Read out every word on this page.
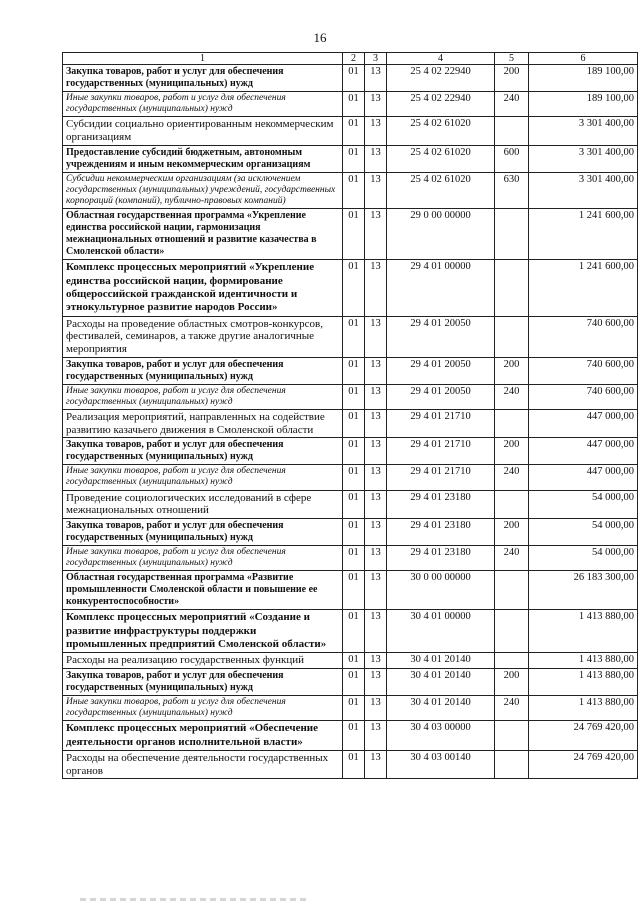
16
1	2	3	4	5	6
Закупка товаров, работ и услуг для обеспечения государственных (муниципальных) нужд	01	13	25 4 02 22940	200	189 100,00
Иные закупки товаров, работ и услуг для обеспечения государственных (муниципальных) нужд	01	13	25 4 02 22940	240	189 100,00
Субсидии социально ориентированным некоммерческим организациям	01	13	25 4 02 61020		3 301 400,00
Предоставление субсидий бюджетным, автономным учреждениям и иным некоммерческим организациям	01	13	25 4 02 61020	600	3 301 400,00
Субсидии некоммерческим организациям (за исключением государственных (муниципальных) учреждений, государственных корпораций (компаний), публично-правовых компаний)	01	13	25 4 02 61020	630	3 301 400,00
Областная государственная программа «Укрепление единства российской нации, гармонизация межнациональных отношений и развитие казачества в Смоленской области»	01	13	29 0 00 00000		1 241 600,00
Комплекс процессных мероприятий «Укрепление единства российской нации, формирование общероссийской гражданской идентичности и этнокультурное развитие народов России»	01	13	29 4 01 00000		1 241 600,00
Расходы на проведение областных смотров-конкурсов, фестивалей, семинаров, а также другие аналогичные мероприятия	01	13	29 4 01 20050		740 600,00
Закупка товаров, работ и услуг для обеспечения государственных (муниципальных) нужд	01	13	29 4 01 20050	200	740 600,00
Иные закупки товаров, работ и услуг для обеспечения государственных (муниципальных) нужд	01	13	29 4 01 20050	240	740 600,00
Реализация мероприятий, направленных на содействие развитию казачьего движения в Смоленской области	01	13	29 4 01 21710		447 000,00
Закупка товаров, работ и услуг для обеспечения государственных (муниципальных) нужд	01	13	29 4 01 21710	200	447 000,00
Иные закупки товаров, работ и услуг для обеспечения государственных (муниципальных) нужд	01	13	29 4 01 21710	240	447 000,00
Проведение социологических исследований в сфере межнациональных отношений	01	13	29 4 01 23180		54 000,00
Закупка товаров, работ и услуг для обеспечения государственных (муниципальных) нужд	01	13	29 4 01 23180	200	54 000,00
Иные закупки товаров, работ и услуг для обеспечения государственных (муниципальных) нужд	01	13	29 4 01 23180	240	54 000,00
Областная государственная программа «Развитие промышленности Смоленской области и повышение ее конкурентоспособности»	01	13	30 0 00 00000		26 183 300,00
Комплекс процессных мероприятий «Создание и развитие инфраструктуры поддержки промышленных предприятий Смоленской области»	01	13	30 4 01 00000		1 413 880,00
Расходы на реализацию государственных функций	01	13	30 4 01 20140		1 413 880,00
Закупка товаров, работ и услуг для обеспечения государственных (муниципальных) нужд	01	13	30 4 01 20140	200	1 413 880,00
Иные закупки товаров, работ и услуг для обеспечения государственных (муниципальных) нужд	01	13	30 4 01 20140	240	1 413 880,00
Комплекс процессных мероприятий «Обеспечение деятельности органов исполнительной власти»	01	13	30 4 03 00000		24 769 420,00
Расходы на обеспечение деятельности государственных органов	01	13	30 4 03 00140		24 769 420,00
